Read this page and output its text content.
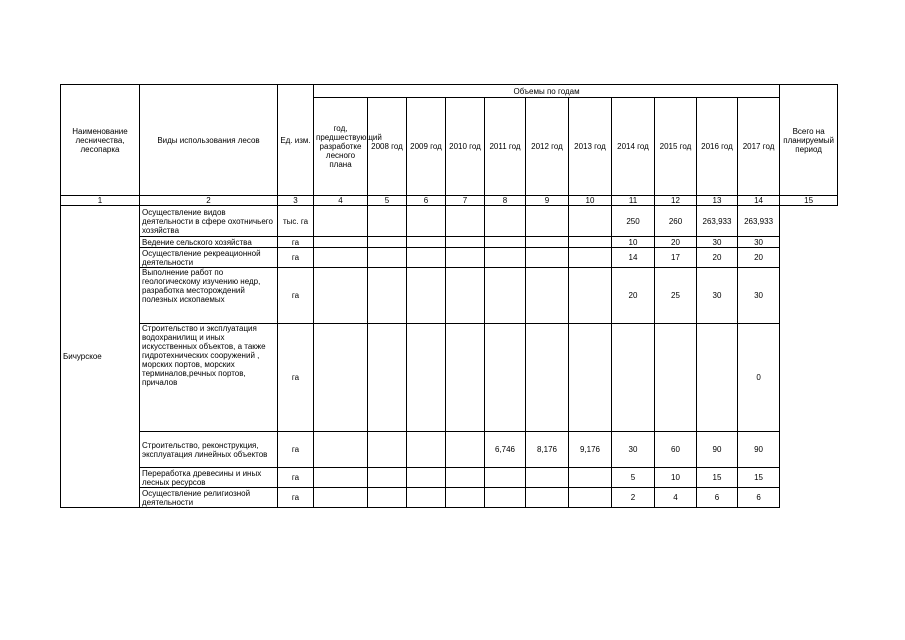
Наименование лесничества, лесопарка	Виды использования лесов	Ед. изм.	Объемы по годам											Всего на планируемый период
			год, предшествующий разработке лесного плана	2008 год	2009 год	2010 год	2011 год	2012 год	2013 год	2014 год	2015 год	2016 год	2017 год	
1	2	3	4	5	6	7	8	9	10	11	12	13	14	15
Бичурское	Осуществление видов деятельности в сфере охотничьего хозяйства	тыс. га								250	260	263,933	263,933	
	Ведение сельского хозяйства	га								10	20	30	30	
	Осуществление рекреационной деятельности	га								14	17	20	20	
	Выполнение работ по геологическому изучению недр, разработка месторождений полезных ископаемых	га								20	25	30	30	
	Строительство и эксплуатация водохранилищ и иных искусственных объектов, а также гидротехнических сооружений , морских портов, морских терминалов,речных портов, причалов	га											0	
	Строительство, реконструкция, эксплуатация линейных объектов	га					6,746	8,176	9,176	30	60	90	90	
	Переработка древесины и иных лесных ресурсов	га								5	10	15	15	
	Осуществление религиозной деятельности	га								2	4	6	6	
